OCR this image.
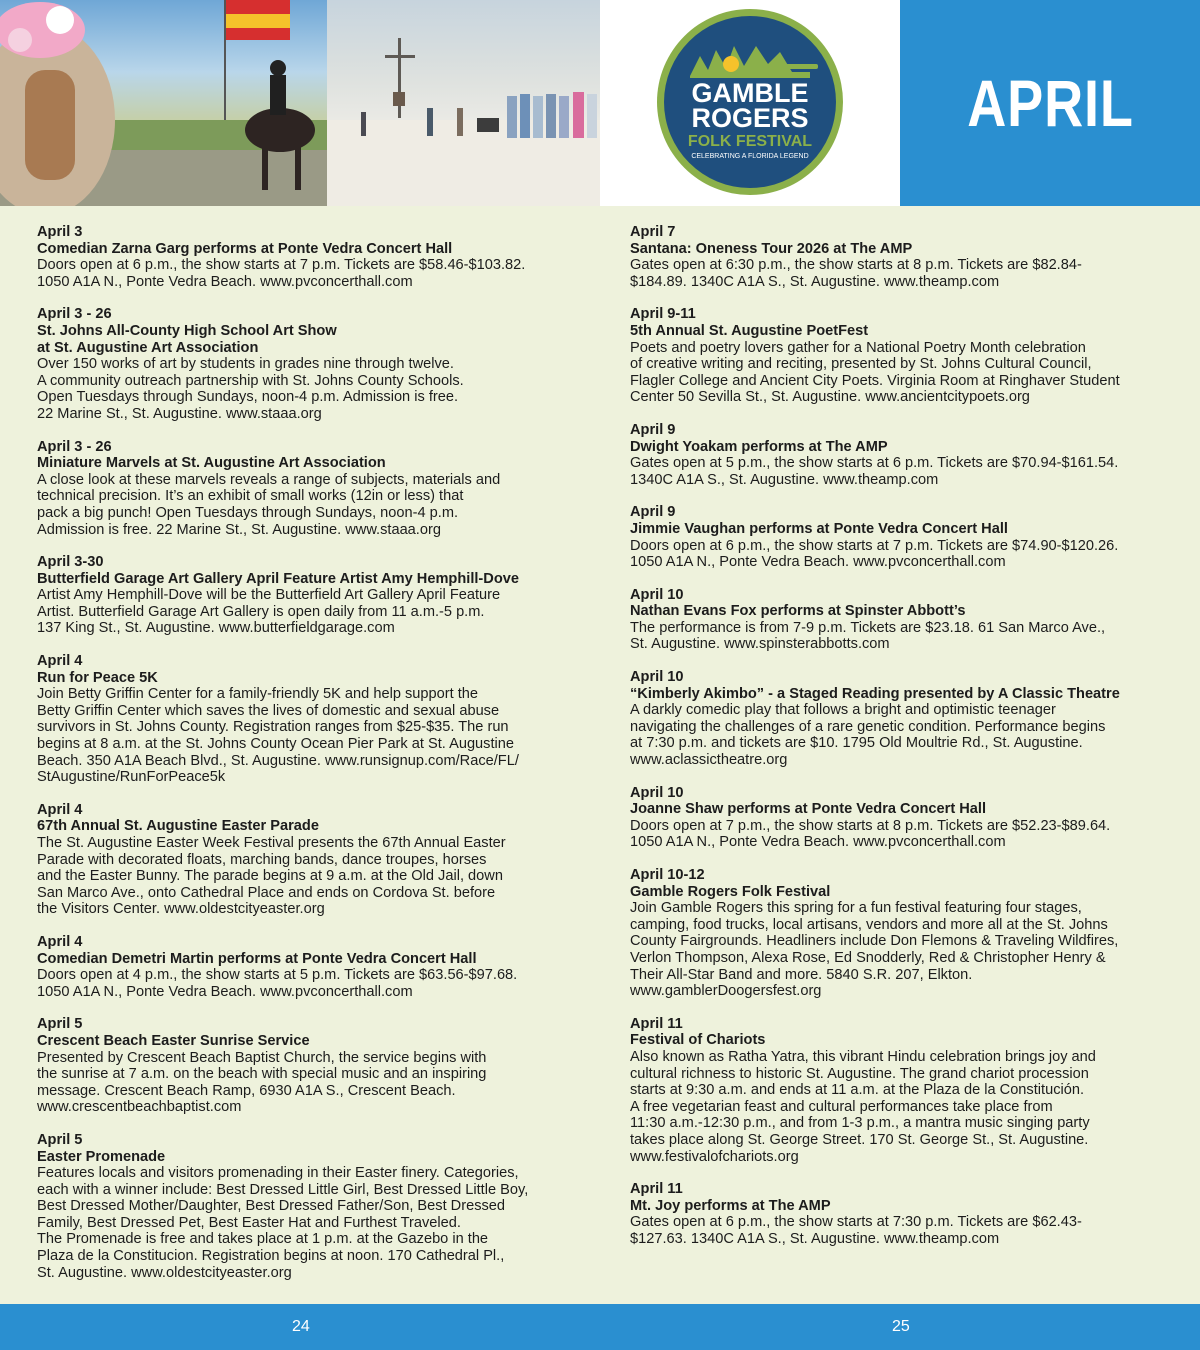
GAMBLE
ROGERS
FOLK FESTIVAL
CELEBRATING A FLORIDA LEGEND
APRIL
April 3
Comedian Zarna Garg performs at Ponte Vedra Concert Hall
Doors open at 6 p.m., the show starts at 7 p.m. Tickets are $58.46-$103.82.
1050 A1A N., Ponte Vedra Beach. www.pvconcerthall.com
April 3 - 26
St. Johns All-County High School Art Show
at St. Augustine Art Association
Over 150 works of art by students in grades nine through twelve.
A community outreach partnership with St. Johns County Schools.
Open Tuesdays through Sundays, noon-4 p.m. Admission is free.
22 Marine St., St. Augustine. www.staaa.org
April 3 - 26
Miniature Marvels at St. Augustine Art Association
A close look at these marvels reveals a range of subjects, materials and
technical precision. It’s an exhibit of small works (12in or less) that
pack a big punch! Open Tuesdays through Sundays, noon-4 p.m.
Admission is free. 22 Marine St., St. Augustine. www.staaa.org
April 3-30
Butterfield Garage Art Gallery April Feature Artist Amy Hemphill-Dove
Artist Amy Hemphill-Dove will be the Butterfield Art Gallery April Feature
Artist. Butterfield Garage Art Gallery is open daily from 11 a.m.-5 p.m.
137 King St., St. Augustine. www.butterfieldgarage.com
April 4
Run for Peace 5K
Join Betty Griffin Center for a family-friendly 5K and help support the
Betty Griffin Center which saves the lives of domestic and sexual abuse
survivors in St. Johns County. Registration ranges from $25-$35. The run
begins at 8 a.m. at the St. Johns County Ocean Pier Park at St. Augustine
Beach. 350 A1A Beach Blvd., St. Augustine. www.runsignup.com/Race/FL/
StAugustine/RunForPeace5k
April 4
67th Annual St. Augustine Easter Parade
The St. Augustine Easter Week Festival presents the 67th Annual Easter
Parade with decorated floats, marching bands, dance troupes, horses
and the Easter Bunny. The parade begins at 9 a.m. at the Old Jail, down
San Marco Ave., onto Cathedral Place and ends on Cordova St. before
the Visitors Center. www.oldestcityeaster.org
April 4
Comedian Demetri Martin performs at Ponte Vedra Concert Hall
Doors open at 4 p.m., the show starts at 5 p.m. Tickets are $63.56-$97.68.
1050 A1A N., Ponte Vedra Beach. www.pvconcerthall.com
April 5
Crescent Beach Easter Sunrise Service
Presented by Crescent Beach Baptist Church, the service begins with
the sunrise at 7 a.m. on the beach with special music and an inspiring
message. Crescent Beach Ramp, 6930 A1A S., Crescent Beach.
www.crescentbeachbaptist.com
April 5
Easter Promenade
Features locals and visitors promenading in their Easter finery. Categories,
each with a winner include: Best Dressed Little Girl, Best Dressed Little Boy,
Best Dressed Mother/Daughter, Best Dressed Father/Son, Best Dressed
Family, Best Dressed Pet, Best Easter Hat and Furthest Traveled.
The Promenade is free and takes place at 1 p.m. at the Gazebo in the
Plaza de la Constitucion. Registration begins at noon. 170 Cathedral Pl.,
St. Augustine. www.oldestcityeaster.org
April 7
Santana: Oneness Tour 2026 at The AMP
Gates open at 6:30 p.m., the show starts at 8 p.m. Tickets are $82.84-
$184.89. 1340C A1A S., St. Augustine. www.theamp.com
April 9-11
5th Annual St. Augustine PoetFest
Poets and poetry lovers gather for a National Poetry Month celebration
of creative writing and reciting, presented by St. Johns Cultural Council,
Flagler College and Ancient City Poets. Virginia Room at Ringhaver Student
Center 50 Sevilla St., St. Augustine. www.ancientcitypoets.org
April 9
Dwight Yoakam performs at The AMP
Gates open at 5 p.m., the show starts at 6 p.m. Tickets are $70.94-$161.54.
1340C A1A S., St. Augustine. www.theamp.com
April 9
Jimmie Vaughan performs at Ponte Vedra Concert Hall
Doors open at 6 p.m., the show starts at 7 p.m. Tickets are $74.90-$120.26.
1050 A1A N., Ponte Vedra Beach. www.pvconcerthall.com
April 10
Nathan Evans Fox performs at Spinster Abbott’s
The performance is from 7-9 p.m. Tickets are $23.18. 61 San Marco Ave.,
St. Augustine. www.spinsterabbotts.com
April 10
“Kimberly Akimbo” - a Staged Reading presented by A Classic Theatre
A darkly comedic play that follows a bright and optimistic teenager
navigating the challenges of a rare genetic condition. Performance begins
at 7:30 p.m. and tickets are $10. 1795 Old Moultrie Rd., St. Augustine.
www.aclassictheatre.org
April 10
Joanne Shaw performs at Ponte Vedra Concert Hall
Doors open at 7 p.m., the show starts at 8 p.m. Tickets are $52.23-$89.64.
1050 A1A N., Ponte Vedra Beach. www.pvconcerthall.com
April 10-12
Gamble Rogers Folk Festival
Join Gamble Rogers this spring for a fun festival featuring four stages,
camping, food trucks, local artisans, vendors and more all at the St. Johns
County Fairgrounds. Headliners include Don Flemons & Traveling Wildfires,
Verlon Thompson, Alexa Rose, Ed Snodderly, Red & Christopher Henry &
Their All-Star Band and more. 5840 S.R. 207, Elkton.
www.gamblerDoogersfest.org
April 11
Festival of Chariots
Also known as Ratha Yatra, this vibrant Hindu celebration brings joy and
cultural richness to historic St. Augustine. The grand chariot procession
starts at 9:30 a.m. and ends at 11 a.m. at the Plaza de la Constitución.
A free vegetarian feast and cultural performances take place from
11:30 a.m.-12:30 p.m., and from 1-3 p.m., a mantra music singing party
takes place along St. George Street. 170 St. George St., St. Augustine.
www.festivalofchariots.org
April 11
Mt. Joy performs at The AMP
Gates open at 6 p.m., the show starts at 7:30 p.m. Tickets are $62.43-
$127.63. 1340C A1A S., St. Augustine. www.theamp.com
24	25
